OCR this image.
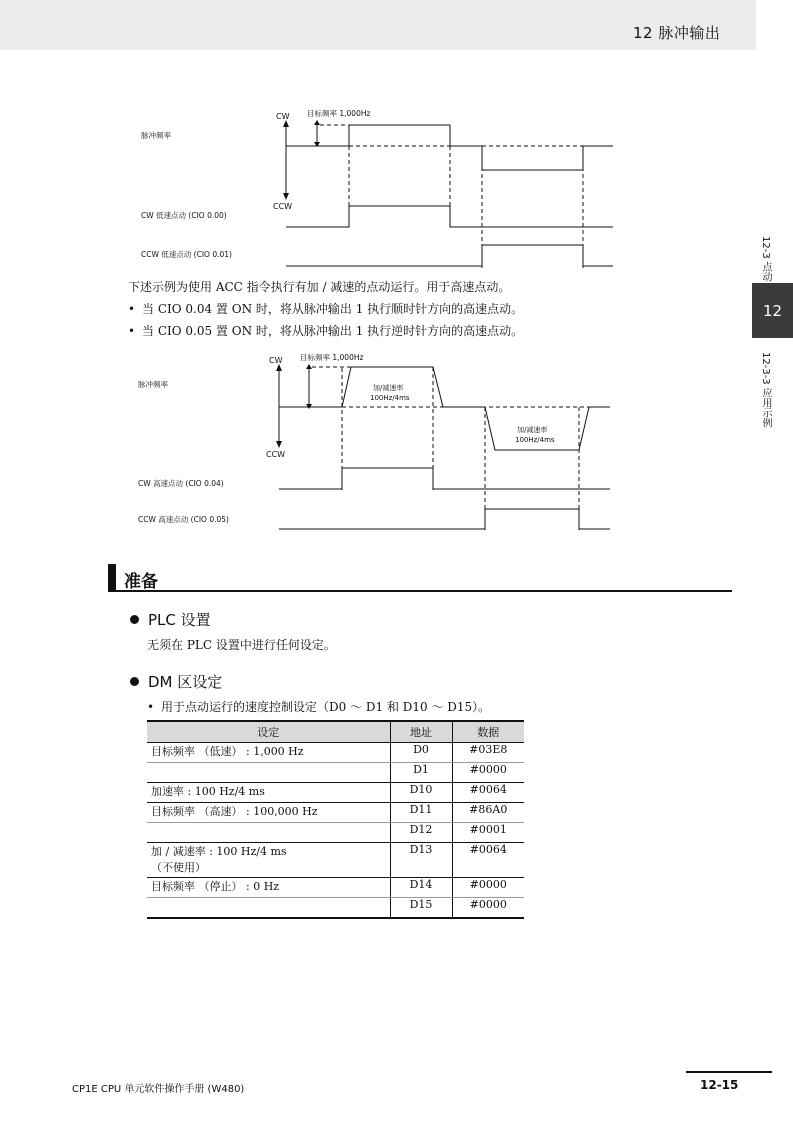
12 脉冲输出
12-3 点动
12
12-3-3 应用示例
CW
CCW
目标频率 1,000Hz
脉冲频率
CW 低速点动 (CIO 0.00)
CCW 低速点动 (CIO 0.01)
下述示例为使用 ACC 指令执行有加 / 减速的点动运行。用于高速点动。
• 当 CIO 0.04 置 ON 时，将从脉冲输出 1 执行顺时针方向的高速点动。
• 当 CIO 0.05 置 ON 时，将从脉冲输出 1 执行逆时针方向的高速点动。
CW
CCW
目标频率 1,000Hz
脉冲频率	加/减速率
100Hz/4ms
加/减速率
100Hz/4ms
CW 高速点动 (CIO 0.04)
CCW 高速点动 (CIO 0.05)
准备
PLC 设置
无须在 PLC 设置中进行任何设定。
DM 区设定
• 用于点动运行的速度控制设定（D0 ～ D1 和 D10 ～ D15）。
设定	地址	数据
目标频率 （低速） : 1,000 Hz	D0	#03E8
	D1	#0000
加速率 : 100 Hz/4 ms	D10	#0064
目标频率 （高速） : 100,000 Hz	D11	#86A0
	D12	#0001

加 / 减速率 : 100 Hz/4 ms
（不使用）	D13	#0064
目标频率 （停止） : 0 Hz	D14	#0000
	D15	#0000
CP1E CPU 单元软件操作手册 (W480)	12-15
